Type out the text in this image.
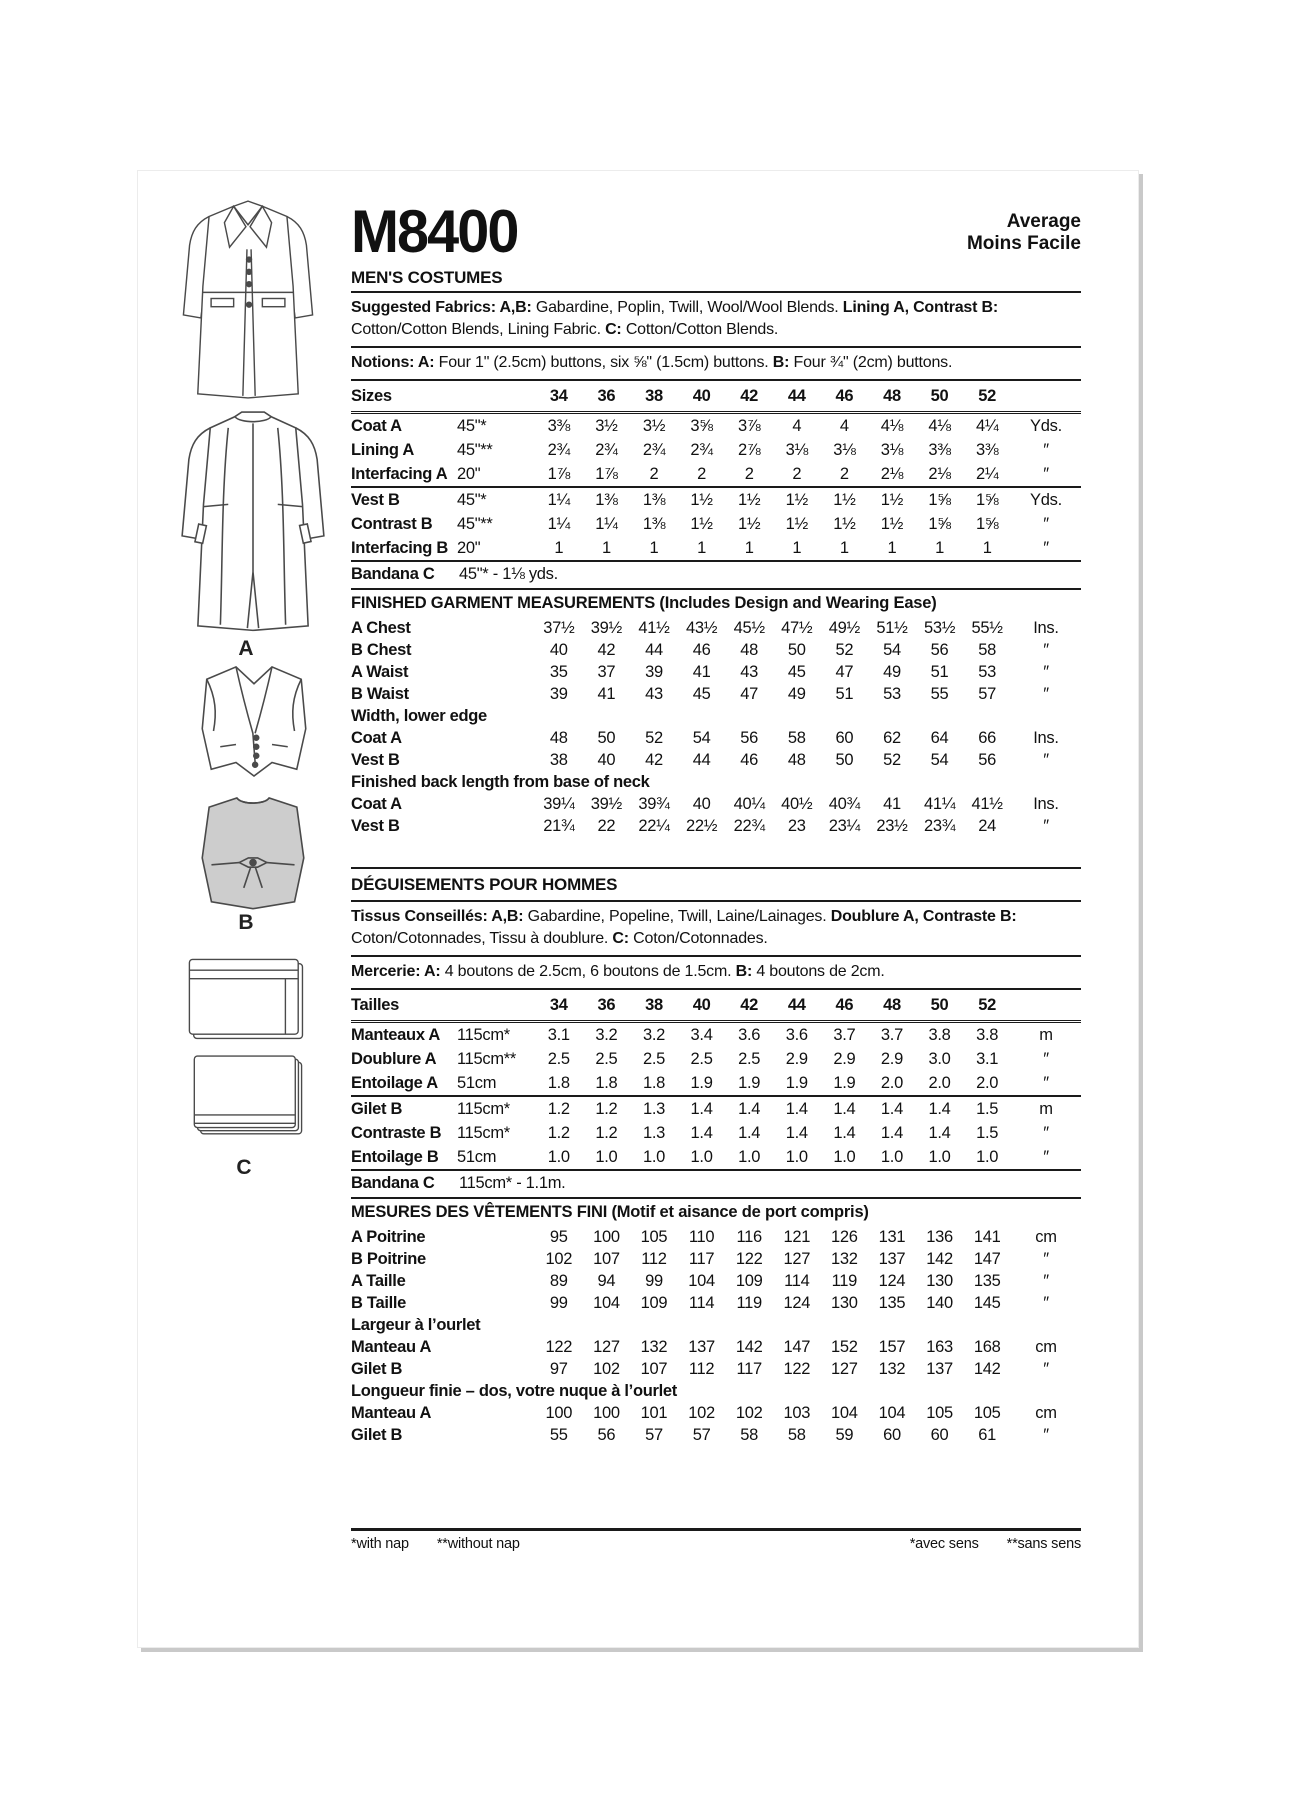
A
B
C
M8400	Average
Moins Facile
MEN'S COSTUMES
Suggested Fabrics: A,B: Gabardine, Poplin, Twill, Wool/Wool Blends. Lining A, Contrast B: Cotton/Cotton Blends, Lining Fabric. C: Cotton/Cotton Blends.
Notions: A: Four 1" (2.5cm) buttons, six ⅝" (1.5cm) buttons. B: Four ¾" (2cm) buttons.
Sizes		34	36	38	40	42	44	46	48	50	52	
Coat A	45"*	3⅜	3½	3½	3⅝	3⅞	4	4	4⅛	4⅛	4¼	Yds.
Lining A	45"**	2¾	2¾	2¾	2¾	2⅞	3⅛	3⅛	3⅛	3⅜	3⅜	″
Interfacing A	20"	1⅞	1⅞	2	2	2	2	2	2⅛	2⅛	2¼	″
Vest B	45"*	1¼	1⅜	1⅜	1½	1½	1½	1½	1½	1⅝	1⅝	Yds.
Contrast B	45"**	1¼	1¼	1⅜	1½	1½	1½	1½	1½	1⅝	1⅝	″
Interfacing B	20"	1	1	1	1	1	1	1	1	1	1	″
Bandana C	45"* - 1⅛ yds.											
FINISHED GARMENT MEASUREMENTS (Includes Design and Wearing Ease)
A Chest		37½	39½	41½	43½	45½	47½	49½	51½	53½	55½	Ins.
B Chest		40	42	44	46	48	50	52	54	56	58	″
A Waist		35	37	39	41	43	45	47	49	51	53	″
B Waist		39	41	43	45	47	49	51	53	55	57	″
Width, lower edge												
Coat A		48	50	52	54	56	58	60	62	64	66	Ins.
Vest B		38	40	42	44	46	48	50	52	54	56	″
Finished back length from base of neck												
Coat A		39¼	39½	39¾	40	40¼	40½	40¾	41	41¼	41½	Ins.
Vest B		21¾	22	22¼	22½	22¾	23	23¼	23½	23¾	24	″
DÉGUISEMENTS POUR HOMMES
Tissus Conseillés: A,B: Gabardine, Popeline, Twill, Laine/Lainages. Doublure A, Contraste B: Coton/Cotonnades, Tissu à doublure. C: Coton/Cotonnades.
Mercerie: A: 4 boutons de 2.5cm, 6 boutons de 1.5cm. B: 4 boutons de 2cm.
Tailles		34	36	38	40	42	44	46	48	50	52	
Manteaux A	115cm*	3.1	3.2	3.2	3.4	3.6	3.6	3.7	3.7	3.8	3.8	m
Doublure A	115cm**	2.5	2.5	2.5	2.5	2.5	2.9	2.9	2.9	3.0	3.1	″
Entoilage A	51cm	1.8	1.8	1.8	1.9	1.9	1.9	1.9	2.0	2.0	2.0	″
Gilet B	115cm*	1.2	1.2	1.3	1.4	1.4	1.4	1.4	1.4	1.4	1.5	m
Contraste B	115cm*	1.2	1.2	1.3	1.4	1.4	1.4	1.4	1.4	1.4	1.5	″
Entoilage B	51cm	1.0	1.0	1.0	1.0	1.0	1.0	1.0	1.0	1.0	1.0	″
Bandana C	115cm* - 1.1m.											
MESURES DES VÊTEMENTS FINI (Motif et aisance de port compris)
A Poitrine		95	100	105	110	116	121	126	131	136	141	cm
B Poitrine		102	107	112	117	122	127	132	137	142	147	″
A Taille		89	94	99	104	109	114	119	124	130	135	″
B Taille		99	104	109	114	119	124	130	135	140	145	″
Largeur à l’ourlet												
Manteau A		122	127	132	137	142	147	152	157	163	168	cm
Gilet B		97	102	107	112	117	122	127	132	137	142	″
Longueur finie – dos, votre nuque à l’ourlet												
Manteau A		100	100	101	102	102	103	104	104	105	105	cm
Gilet B		55	56	57	57	58	58	59	60	60	61	″
*with nap **without nap	*avec sens **sans sens
